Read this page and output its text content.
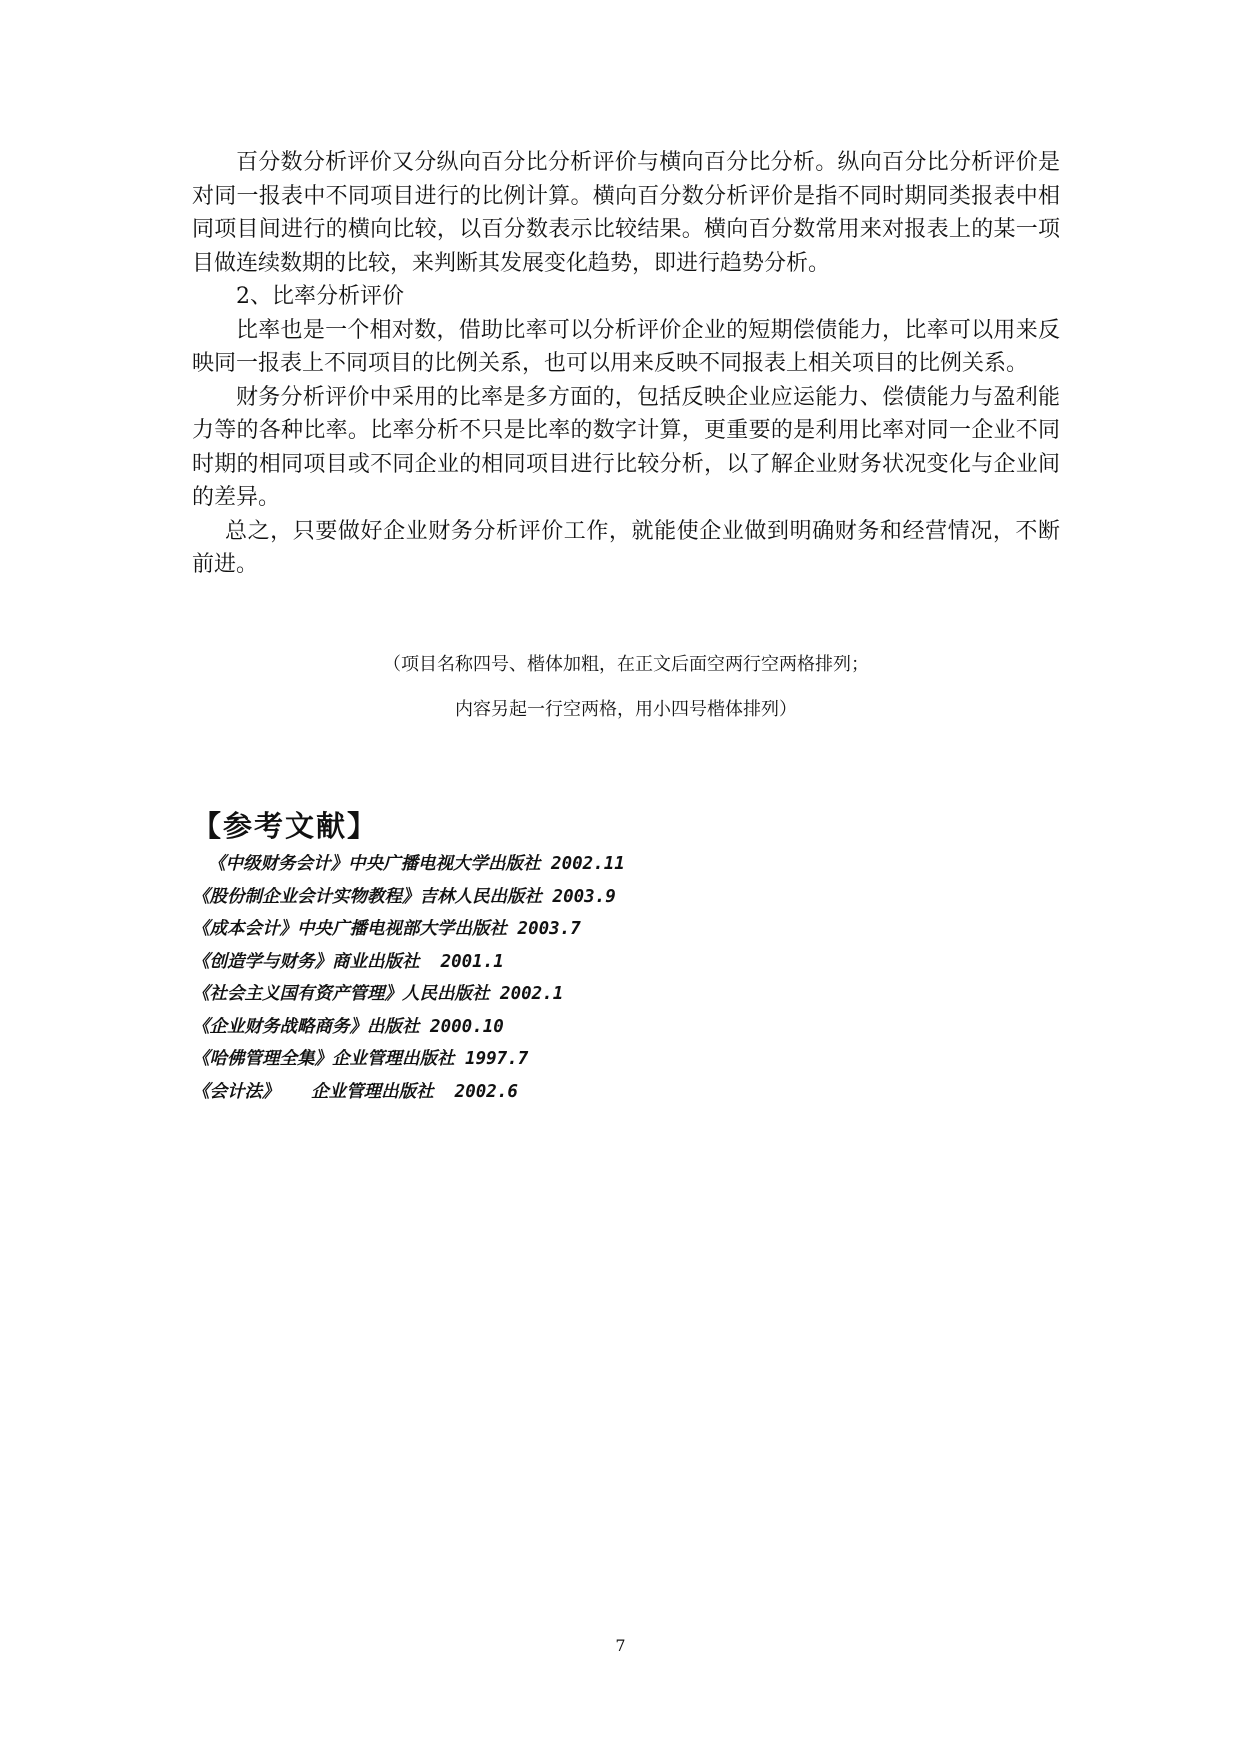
百分数分析评价又分纵向百分比分析评价与横向百分比分析。纵向百分比分析评价是对同一报表中不同项目进行的比例计算。横向百分数分析评价是指不同时期同类报表中相同项目间进行的横向比较，以百分数表示比较结果。横向百分数常用来对报表上的某一项目做连续数期的比较，来判断其发展变化趋势，即进行趋势分析。

2、比率分析评价

比率也是一个相对数，借助比率可以分析评价企业的短期偿债能力，比率可以用来反映同一报表上不同项目的比例关系，也可以用来反映不同报表上相关项目的比例关系。

财务分析评价中采用的比率是多方面的，包括反映企业应运能力、偿债能力与盈利能力等的各种比率。比率分析不只是比率的数字计算，更重要的是利用比率对同一企业不同时期的相同项目或不同企业的相同项目进行比较分析，以了解企业财务状况变化与企业间的差异。

总之，只要做好企业财务分析评价工作，就能使企业做到明确财务和经营情况，不断前进。

（项目名称四号、楷体加粗，在正文后面空两行空两格排列；
内容另起一行空两格，用小四号楷体排列）
【参考文献】
《中级财务会计》中央广播电视大学出版社 2002.11
《股份制企业会计实物教程》吉林人民出版社 2003.9
《成本会计》中央广播电视部大学出版社 2003.7
《创造学与财务》商业出版社  2001.1
《社会主义国有资产管理》人民出版社 2002.1
《企业财务战略商务》出版社 2000.10
《哈佛管理全集》企业管理出版社 1997.7
《会计法》   企业管理出版社  2002.6
7
